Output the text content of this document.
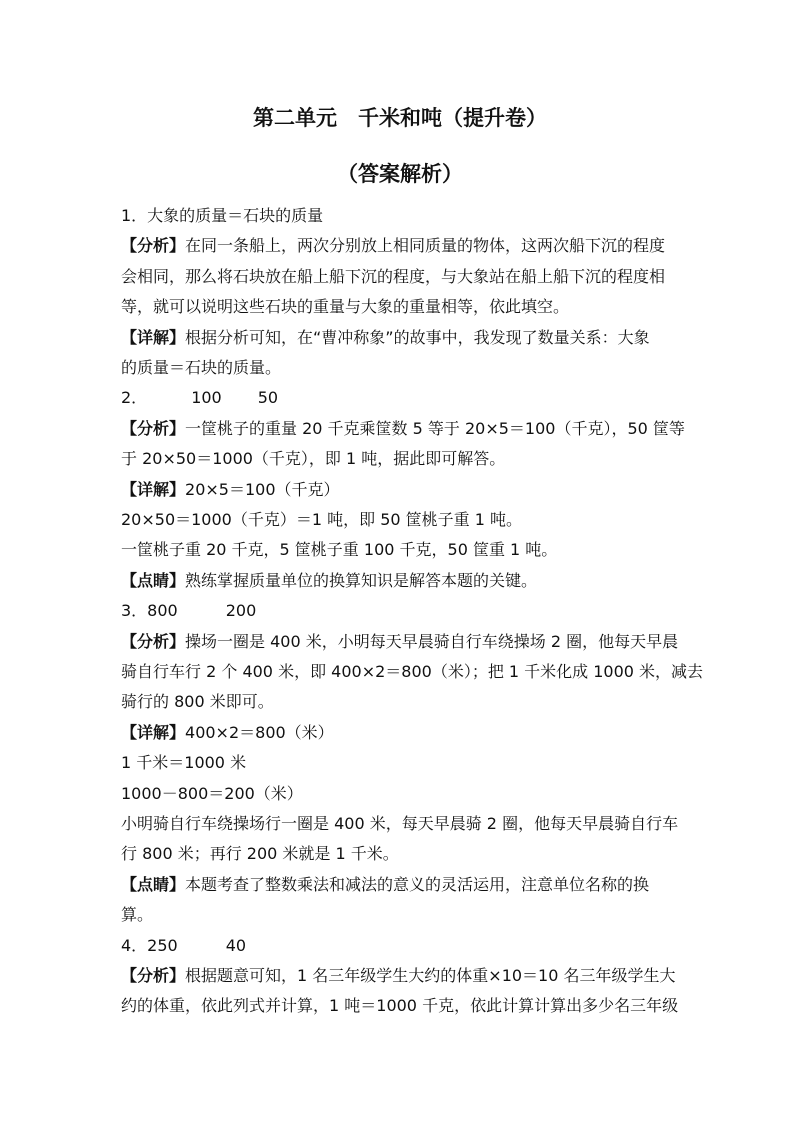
第二单元　千米和吨（提升卷）
（答案解析）
1．大象的质量＝石块的质量
【分析】在同一条船上，两次分别放上相同质量的物体，这两次船下沉的程度
会相同，那么将石块放在船上船下沉的程度，与大象站在船上船下沉的程度相
等，就可以说明这些石块的重量与大象的重量相等，依此填空。
【详解】根据分析可知，在“曹冲称象”的故事中，我发现了数量关系：大象
的质量＝石块的质量。
2．	100 50
【分析】一筐桃子的重量 20 千克乘筐数 5 等于 20×5＝100（千克），50 筐等
于 20×50＝1000（千克），即 1 吨，据此即可解答。
【详解】20×5＝100（千克）
20×50＝1000（千克）＝1 吨，即 50 筐桃子重 1 吨。
一筐桃子重 20 千克，5 筐桃子重 100 千克，50 筐重 1 吨。
【点睛】熟练掌握质量单位的换算知识是解答本题的关键。
3．800	200
【分析】操场一圈是 400 米，小明每天早晨骑自行车绕操场 2 圈，他每天早晨
骑自行车行 2 个 400 米，即 400×2＝800（米）；把 1 千米化成 1000 米，减去
骑行的 800 米即可。
【详解】400×2＝800（米）
1 千米＝1000 米
1000－800＝200（米）
小明骑自行车绕操场行一圈是 400 米，每天早晨骑 2 圈，他每天早晨骑自行车
行 800 米；再行 200 米就是 1 千米。
【点睛】本题考查了整数乘法和减法的意义的灵活运用，注意单位名称的换
算。
4．250	40
【分析】根据题意可知，1 名三年级学生大约的体重×10＝10 名三年级学生大
约的体重，依此列式并计算，1 吨＝1000 千克，依此计算计算出多少名三年级
